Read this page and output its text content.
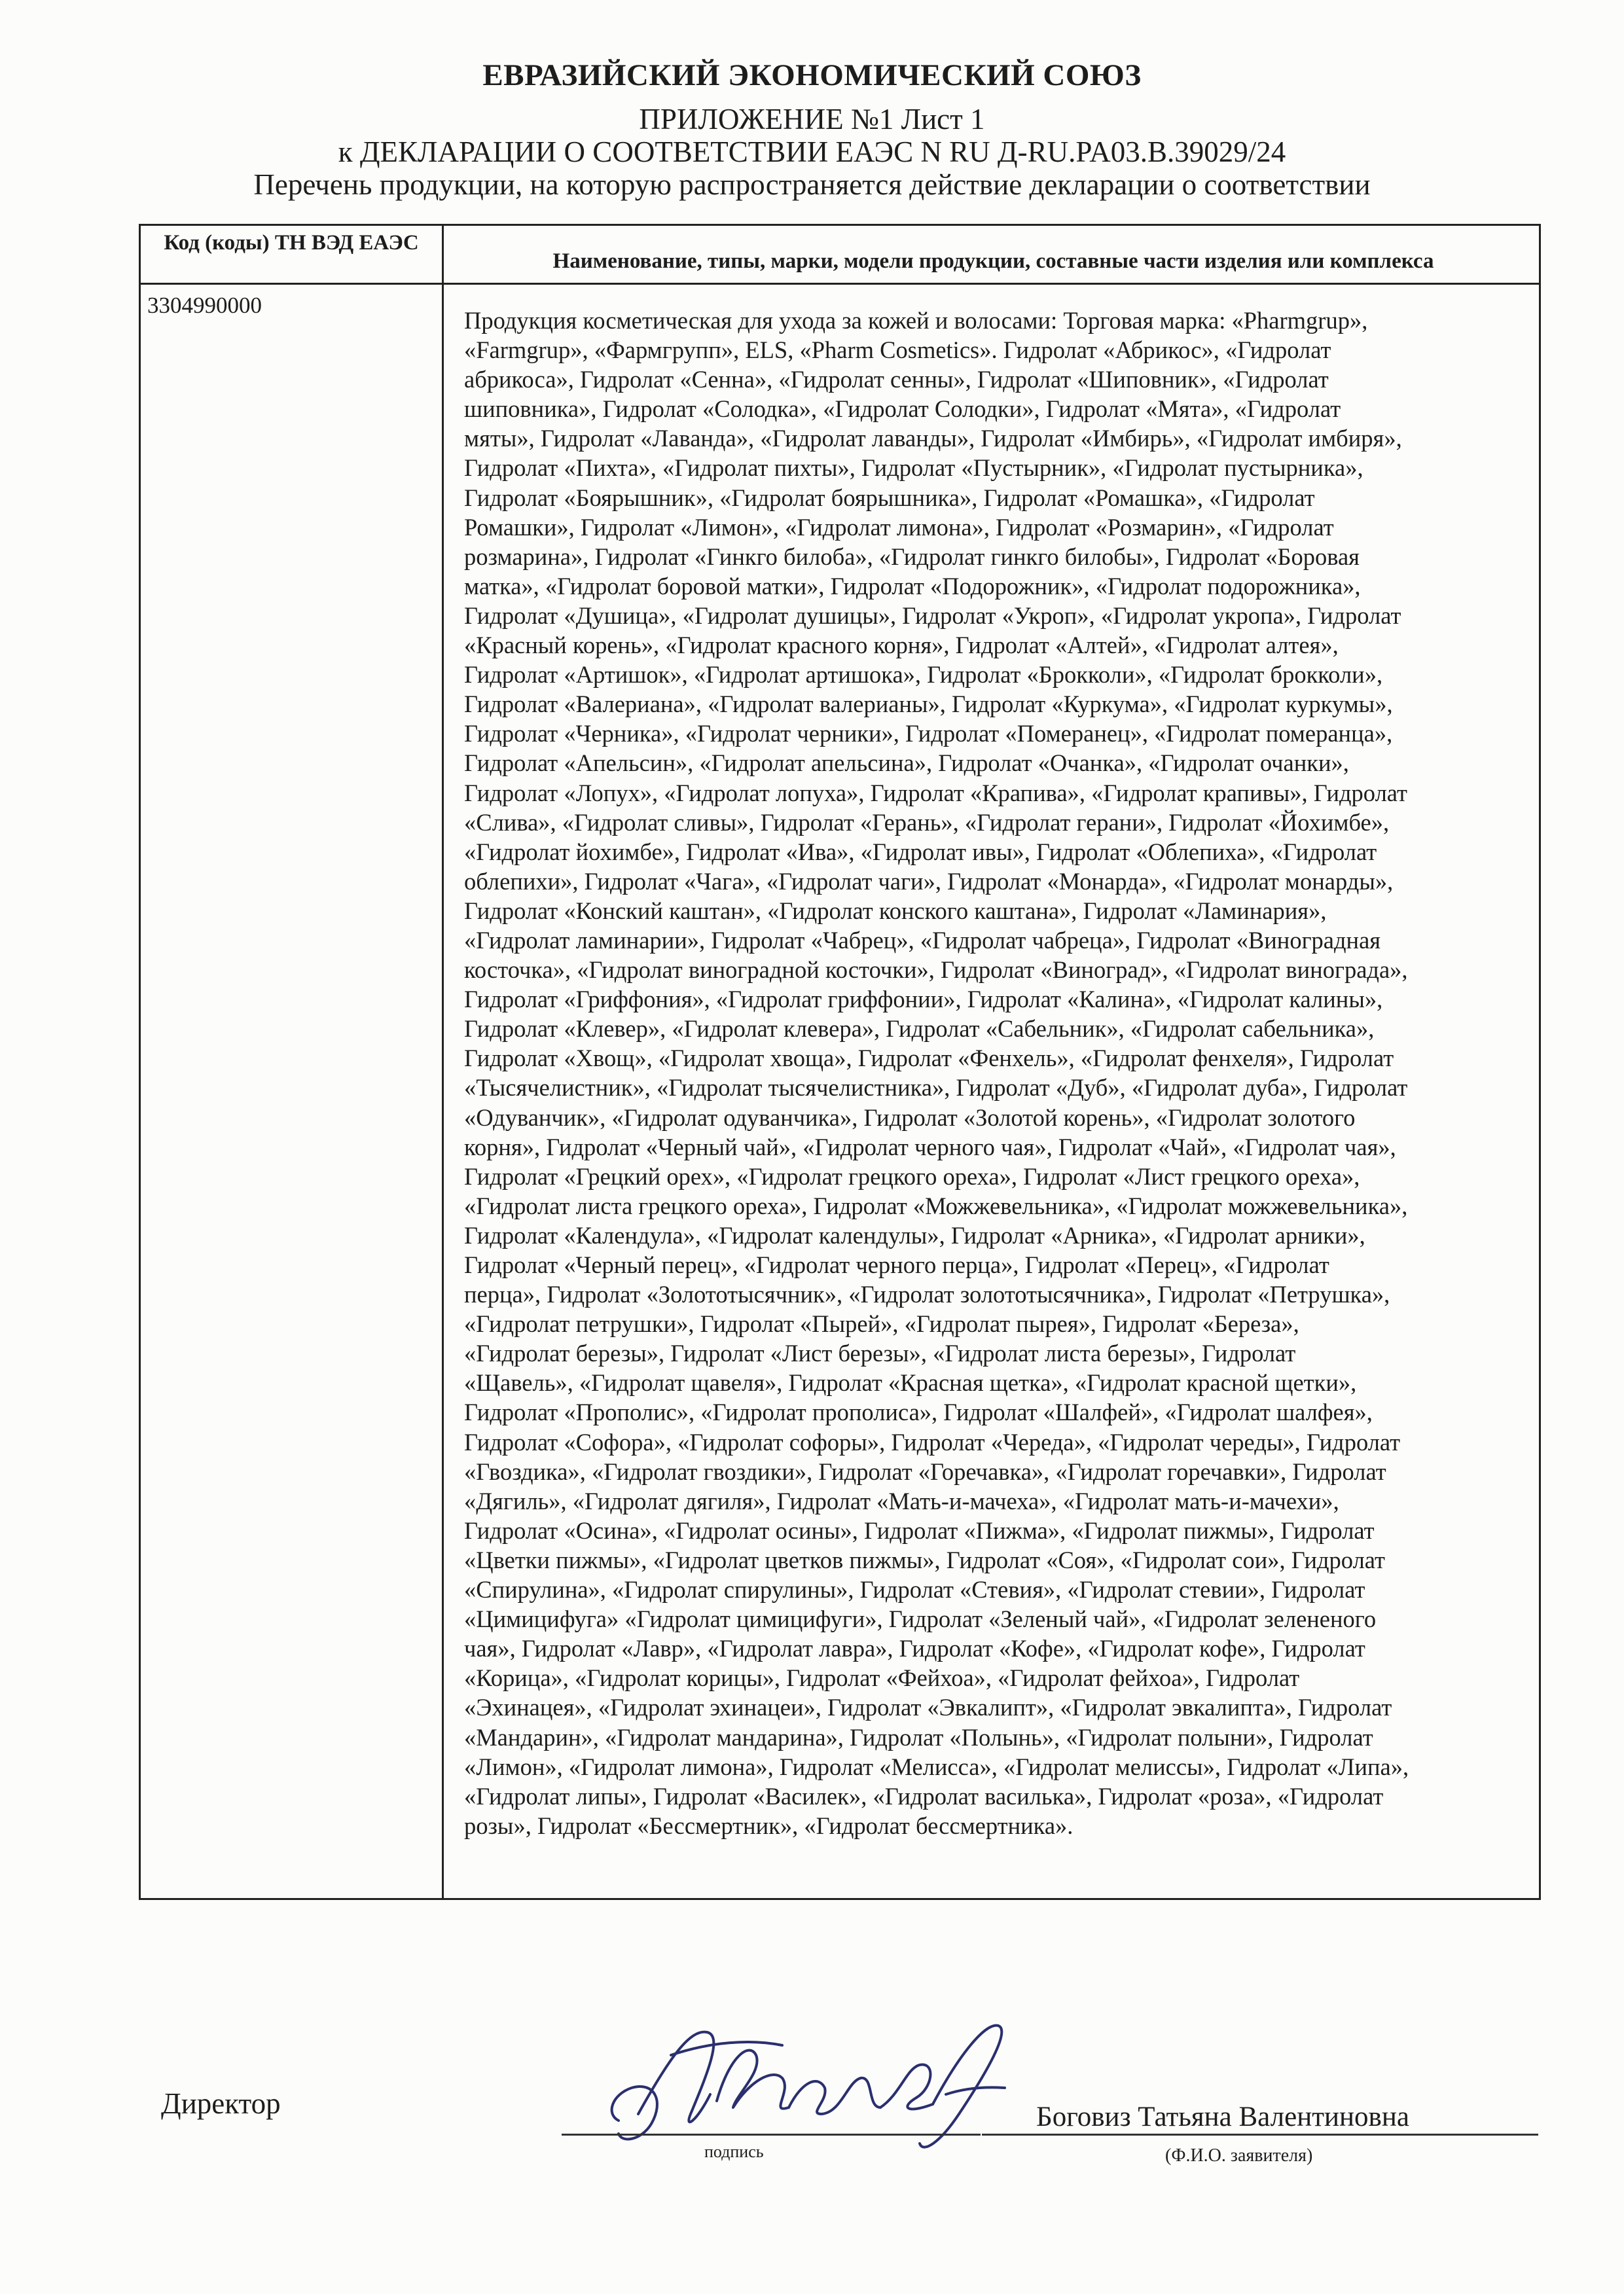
ЕВРАЗИЙСКИЙ ЭКОНОМИЧЕСКИЙ СОЮЗ
ПРИЛОЖЕНИЕ №1 Лист 1
к ДЕКЛАРАЦИИ О СООТВЕТСТВИИ ЕАЭС N RU Д-RU.PA03.B.39029/24
Перечень продукции, на которую распространяется действие декларации о соответствии
Код (коды) ТН ВЭД ЕАЭС
Наименование, типы, марки, модели продукции, составные части изделия или комплекса
3304990000
Продукция косметическая для ухода за кожей и волосами: Торговая марка: «Pharmgrup»,
«Farmgrup», «Фармгрупп», ELS, «Pharm Cosmetics». Гидролат «Абрикос», «Гидролат
абрикоса», Гидролат «Сенна», «Гидролат сенны», Гидролат «Шиповник», «Гидролат
шиповника», Гидролат «Солодка», «Гидролат Солодки», Гидролат «Мята», «Гидролат
мяты», Гидролат «Лаванда», «Гидролат лаванды», Гидролат «Имбирь», «Гидролат имбиря»,
Гидролат «Пихта», «Гидролат пихты», Гидролат «Пустырник», «Гидролат пустырника»,
Гидролат «Боярышник», «Гидролат боярышника», Гидролат «Ромашка», «Гидролат
Ромашки», Гидролат «Лимон», «Гидролат лимона», Гидролат «Розмарин», «Гидролат
розмарина», Гидролат «Гинкго билоба», «Гидролат гинкго билобы», Гидролат «Боровая
матка», «Гидролат боровой матки», Гидролат «Подорожник», «Гидролат подорожника»,
Гидролат «Душица», «Гидролат душицы», Гидролат «Укроп», «Гидролат укропа», Гидролат
«Красный корень», «Гидролат красного корня», Гидролат «Алтей», «Гидролат алтея»,
Гидролат «Артишок», «Гидролат артишока», Гидролат «Брокколи», «Гидролат брокколи»,
Гидролат «Валериана», «Гидролат валерианы», Гидролат «Куркума», «Гидролат куркумы»,
Гидролат «Черника», «Гидролат черники», Гидролат «Померанец», «Гидролат померанца»,
Гидролат «Апельсин», «Гидролат апельсина», Гидролат «Очанка», «Гидролат очанки»,
Гидролат «Лопух», «Гидролат лопуха», Гидролат «Крапива», «Гидролат крапивы», Гидролат
«Слива», «Гидролат сливы», Гидролат «Герань», «Гидролат герани», Гидролат «Йохимбе»,
«Гидролат йохимбе», Гидролат «Ива», «Гидролат ивы», Гидролат «Облепиха», «Гидролат
облепихи», Гидролат «Чага», «Гидролат чаги», Гидролат «Монарда», «Гидролат монарды»,
Гидролат «Конский каштан», «Гидролат конского каштана», Гидролат «Ламинария»,
«Гидролат ламинарии», Гидролат «Чабрец», «Гидролат чабреца», Гидролат «Виноградная
косточка», «Гидролат виноградной косточки», Гидролат «Виноград», «Гидролат винограда»,
Гидролат «Гриффония», «Гидролат гриффонии», Гидролат «Калина», «Гидролат калины»,
Гидролат «Клевер», «Гидролат клевера», Гидролат «Сабельник», «Гидролат сабельника»,
Гидролат «Хвощ», «Гидролат хвоща», Гидролат «Фенхель», «Гидролат фенхеля», Гидролат
«Тысячелистник», «Гидролат тысячелистника», Гидролат «Дуб», «Гидролат дуба», Гидролат
«Одуванчик», «Гидролат одуванчика», Гидролат «Золотой корень», «Гидролат золотого
корня», Гидролат «Черный чай», «Гидролат черного чая», Гидролат «Чай», «Гидролат чая»,
Гидролат «Грецкий орех», «Гидролат грецкого ореха», Гидролат «Лист грецкого ореха»,
«Гидролат листа грецкого ореха», Гидролат «Можжевельника», «Гидролат можжевельника»,
Гидролат «Календула», «Гидролат календулы», Гидролат «Арника», «Гидролат арники»,
Гидролат «Черный перец», «Гидролат черного перца», Гидролат «Перец», «Гидролат
перца», Гидролат «Золототысячник», «Гидролат золототысячника», Гидролат «Петрушка»,
«Гидролат петрушки», Гидролат «Пырей», «Гидролат пырея», Гидролат «Береза»,
«Гидролат березы», Гидролат «Лист березы», «Гидролат листа березы», Гидролат
«Щавель», «Гидролат щавеля», Гидролат «Красная щетка», «Гидролат красной щетки»,
Гидролат «Прополис», «Гидролат прополиса», Гидролат «Шалфей», «Гидролат шалфея»,
Гидролат «Софора», «Гидролат софоры», Гидролат «Череда», «Гидролат череды», Гидролат
«Гвоздика», «Гидролат гвоздики», Гидролат «Горечавка», «Гидролат горечавки», Гидролат
«Дягиль», «Гидролат дягиля», Гидролат «Мать-и-мачеха», «Гидролат мать-и-мачехи»,
Гидролат «Осина», «Гидролат осины», Гидролат «Пижма», «Гидролат пижмы», Гидролат
«Цветки пижмы», «Гидролат цветков пижмы», Гидролат «Соя», «Гидролат сои», Гидролат
«Спирулина», «Гидролат спирулины», Гидролат «Стевия», «Гидролат стевии», Гидролат
«Цимицифуга» «Гидролат цимицифуги», Гидролат «Зеленый чай», «Гидролат зелененого
чая», Гидролат «Лавр», «Гидролат лавра», Гидролат «Кофе», «Гидролат кофе», Гидролат
«Корица», «Гидролат корицы», Гидролат «Фейхоа», «Гидролат фейхоа», Гидролат
«Эхинацея», «Гидролат эхинацеи», Гидролат «Эвкалипт», «Гидролат эвкалипта», Гидролат
«Мандарин», «Гидролат мандарина», Гидролат «Полынь», «Гидролат полыни», Гидролат
«Лимон», «Гидролат лимона», Гидролат «Мелисса», «Гидролат мелиссы», Гидролат «Липа»,
«Гидролат липы», Гидролат «Василек», «Гидролат василька», Гидролат «роза», «Гидролат
розы», Гидролат «Бессмертник», «Гидролат бессмертника».
Директор
подпись
Боговиз Татьяна Валентиновна
(Ф.И.О. заявителя)
